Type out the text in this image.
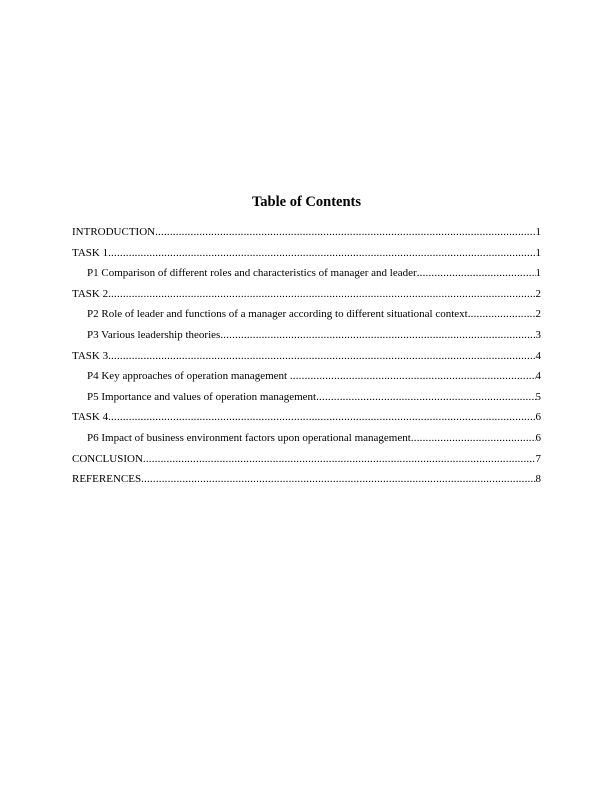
Table of Contents
INTRODUCTION .....	1
TASK 1 .....	1
P1 Comparison of different roles and characteristics of manager and leader .....	1
TASK 2 .....	2
P2 Role of leader and functions of a manager according to different situational context .....	2
P3 Various leadership theories .....	3
TASK 3 .....	4
P4 Key approaches of operation management .....	4
P5 Importance and values of operation management .....	5
TASK 4 .....	6
P6 Impact of business environment factors upon operational management .....	6
CONCLUSION .....	7
REFERENCES .....	8
